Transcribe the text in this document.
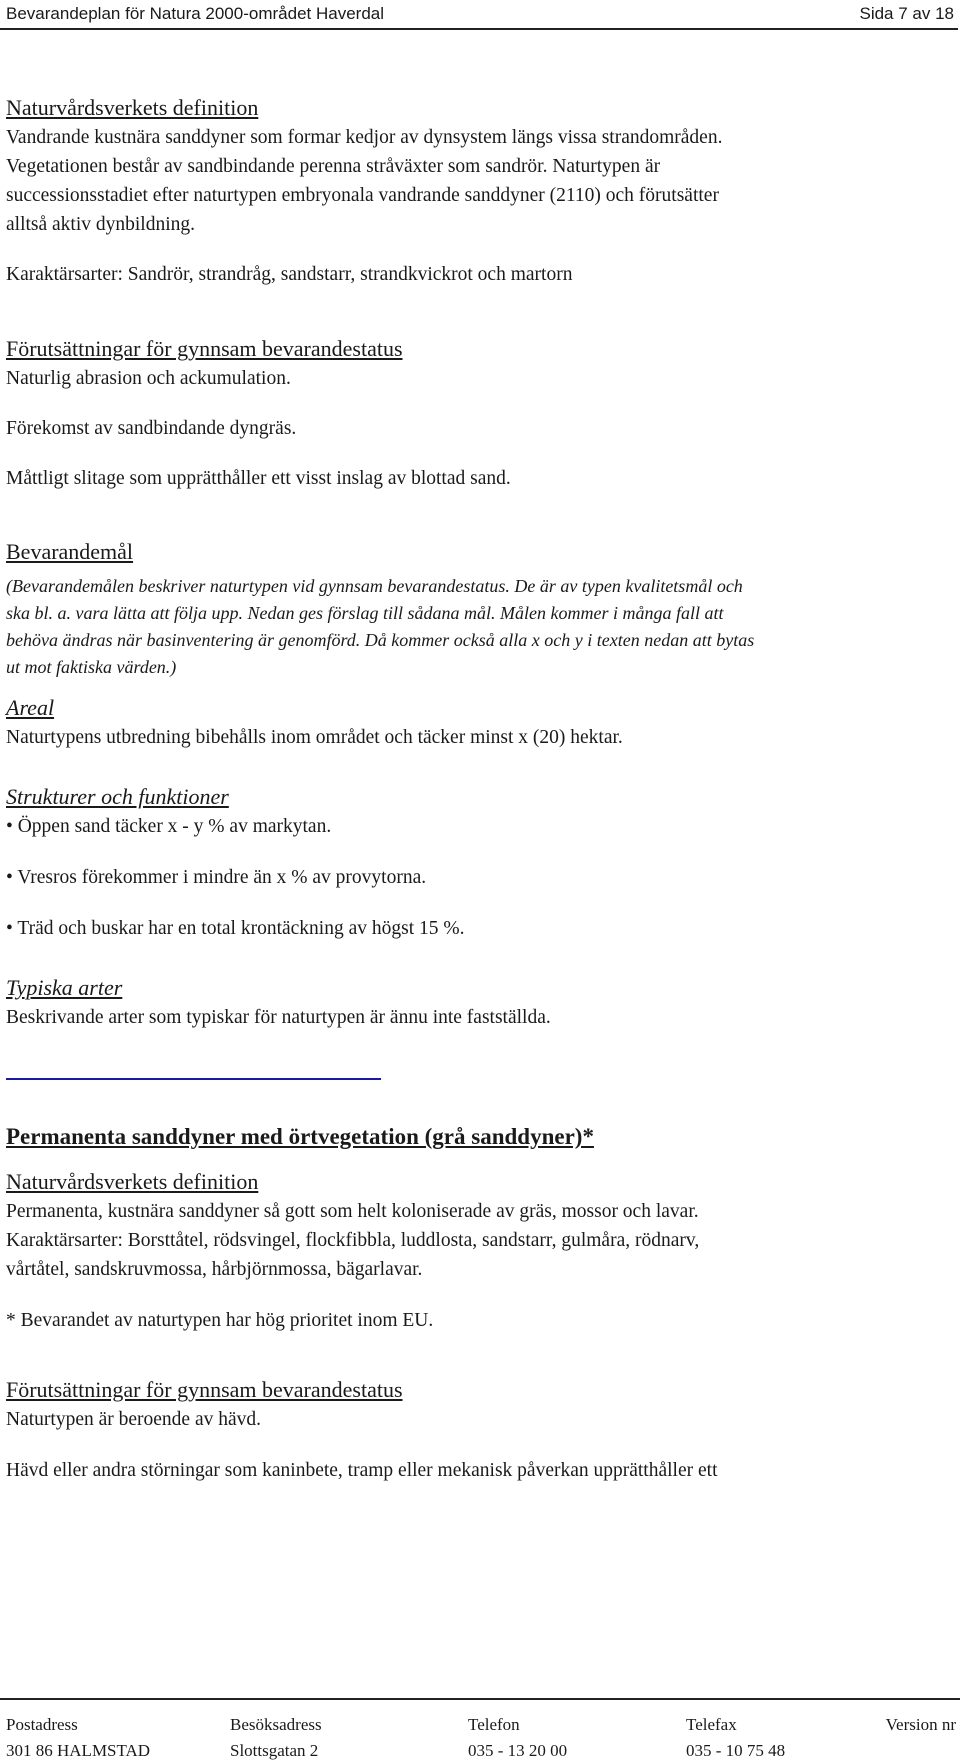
Bevarandeplan för Natura 2000-området Haverdal	Sida 7 av 18
Naturvårdsverkets definition

Vandrande kustnära sanddyner som formar kedjor av dynsystem längs vissa strandområden.

Vegetationen består av sandbindande perenna stråväxter som sandrör. Naturtypen är

successionsstadiet efter naturtypen embryonala vandrande sanddyner (2110) och förutsätter

alltså aktiv dynbildning.

Karaktärsarter: Sandrör, strandråg, sandstarr, strandkvickrot och martorn

Förutsättningar för gynnsam bevarandestatus

Naturlig abrasion och ackumulation.

Förekomst av sandbindande dyngräs.

Måttligt slitage som upprätthåller ett visst inslag av blottad sand.

Bevarandemål

(Bevarandemålen beskriver naturtypen vid gynnsam bevarandestatus. De är av typen kvalitetsmål och

ska bl. a. vara lätta att följa upp. Nedan ges förslag till sådana mål. Målen kommer i många fall att

behöva ändras när basinventering är genomförd. Då kommer också alla x och y i texten nedan att bytas

ut mot faktiska värden.)

Areal

Naturtypens utbredning bibehålls inom området och täcker minst x (20) hektar.

Strukturer och funktioner

• Öppen sand täcker x - y % av markytan.

• Vresros förekommer i mindre än x % av provytorna.

• Träd och buskar har en total krontäckning av högst 15 %.

Typiska arter

Beskrivande arter som typiskar för naturtypen är ännu inte fastställda.

Permanenta sanddyner med örtvegetation (grå sanddyner)*
Naturvårdsverkets definition

Permanenta, kustnära sanddyner så gott som helt koloniserade av gräs, mossor och lavar.

Karaktärsarter: Borsttåtel, rödsvingel, flockfibbla, luddlosta, sandstarr, gulmåra, rödnarv,

vårtåtel, sandskruvmossa, hårbjörnmossa, bägarlavar.

* Bevarandet av naturtypen har hög prioritet inom EU.

Förutsättningar för gynnsam bevarandestatus

Naturtypen är beroende av hävd.

Hävd eller andra störningar som kaninbete, tramp eller mekanisk påverkan upprätthåller ett

Postadress
301 86 HALMSTAD
Besöksadress
Slottsgatan 2
Telefon
035 - 13 20 00
Telefax
035 - 10 75 48
Version nr
